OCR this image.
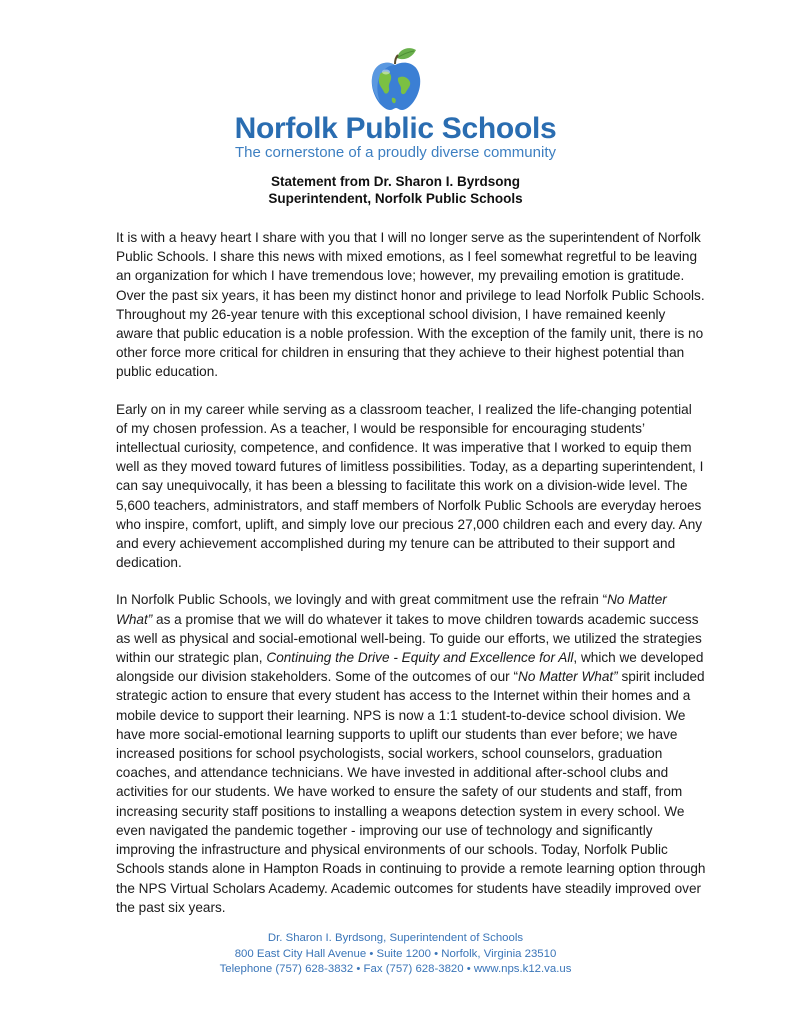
Norfolk Public Schools
The cornerstone of a proudly diverse community
Statement from Dr. Sharon I. Byrdsong
Superintendent, Norfolk Public Schools

It is with a heavy heart I share with you that I will no longer serve as the superintendent of Norfolk Public Schools. I share this news with mixed emotions, as I feel somewhat regretful to be leaving an organization for which I have tremendous love; however, my prevailing emotion is gratitude. Over the past six years, it has been my distinct honor and privilege to lead Norfolk Public Schools. Throughout my 26-year tenure with this exceptional school division, I have remained keenly aware that public education is a noble profession. With the exception of the family unit, there is no other force more critical for children in ensuring that they achieve to their highest potential than public education.

Early on in my career while serving as a classroom teacher, I realized the life-changing potential of my chosen profession. As a teacher, I would be responsible for encouraging students’ intellectual curiosity, competence, and confidence. It was imperative that I worked to equip them well as they moved toward futures of limitless possibilities. Today, as a departing superintendent, I can say unequivocally, it has been a blessing to facilitate this work on a division-wide level. The 5,600 teachers, administrators, and staff members of Norfolk Public Schools are everyday heroes who inspire, comfort, uplift, and simply love our precious 27,000 children each and every day. Any and every achievement accomplished during my tenure can be attributed to their support and dedication.

In Norfolk Public Schools, we lovingly and with great commitment use the refrain “No Matter What” as a promise that we will do whatever it takes to move children towards academic success as well as physical and social-emotional well-being. To guide our efforts, we utilized the strategies within our strategic plan, Continuing the Drive - Equity and Excellence for All, which we developed alongside our division stakeholders. Some of the outcomes of our “No Matter What” spirit included strategic action to ensure that every student has access to the Internet within their homes and a mobile device to support their learning. NPS is now a 1:1 student-to-device school division. We have more social-emotional learning supports to uplift our students than ever before; we have increased positions for school psychologists, social workers, school counselors, graduation coaches, and attendance technicians. We have invested in additional after-school clubs and activities for our students. We have worked to ensure the safety of our students and staff, from increasing security staff positions to installing a weapons detection system in every school. We even navigated the pandemic together - improving our use of technology and significantly improving the infrastructure and physical environments of our schools. Today, Norfolk Public Schools stands alone in Hampton Roads in continuing to provide a remote learning option through the NPS Virtual Scholars Academy. Academic outcomes for students have steadily improved over the past six years.

Dr. Sharon I. Byrdsong, Superintendent of Schools
800 East City Hall Avenue • Suite 1200 • Norfolk, Virginia 23510
Telephone (757) 628-3832 • Fax (757) 628-3820 • www.nps.k12.va.us
